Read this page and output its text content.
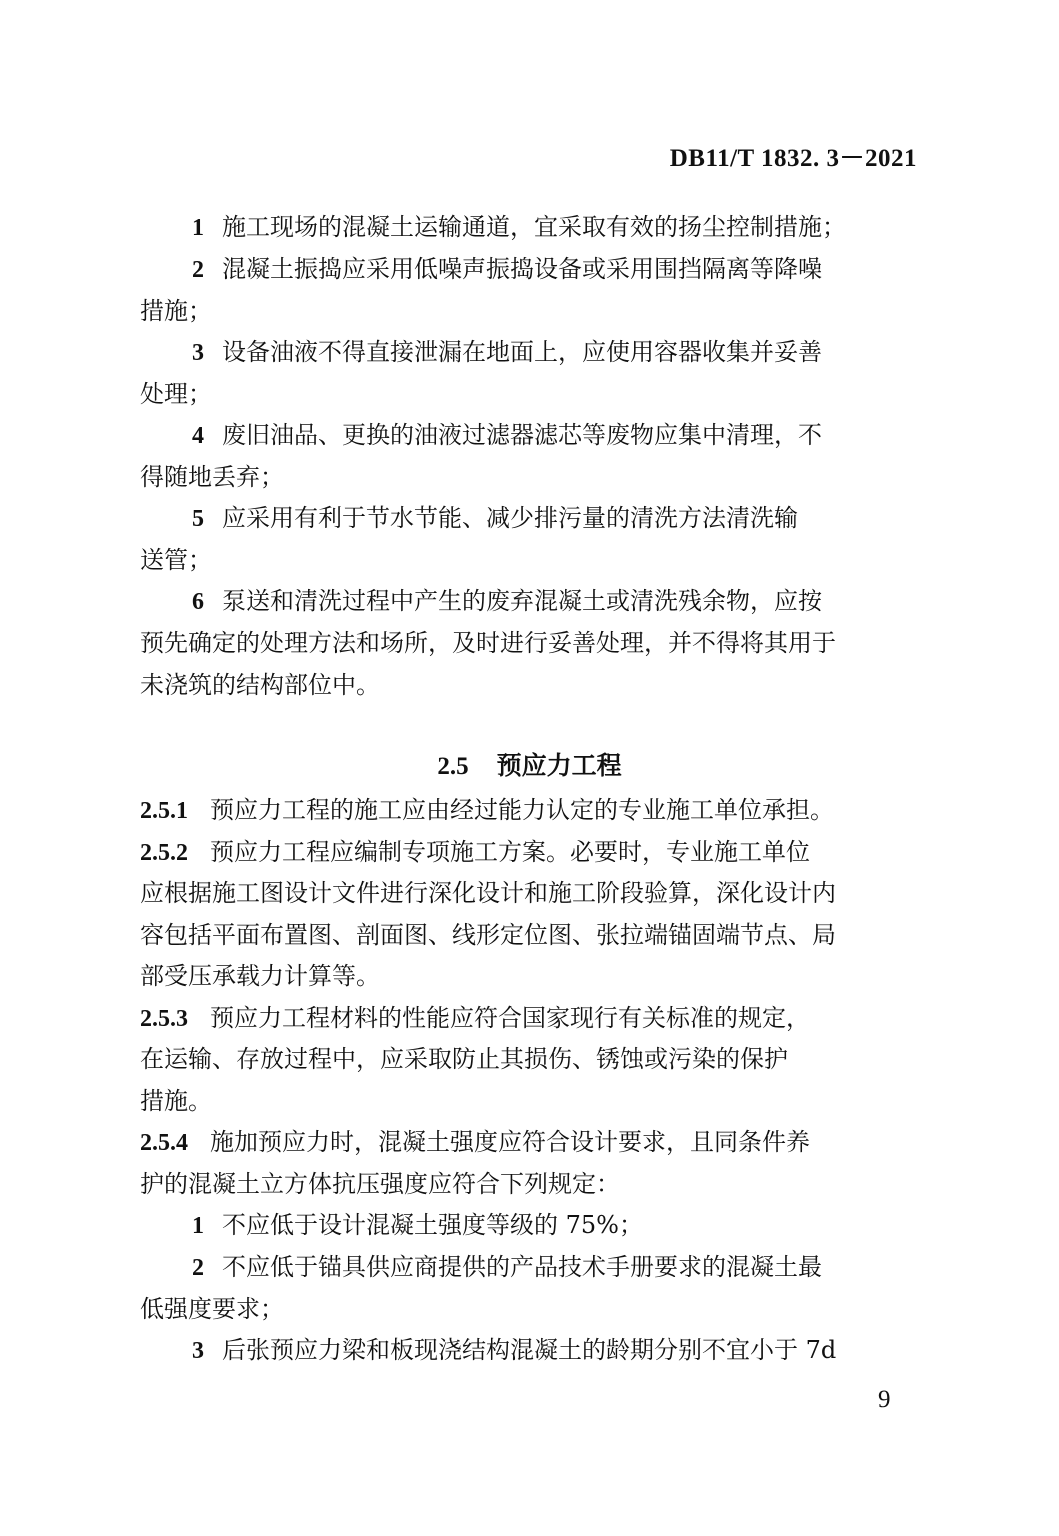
DB11/T 1832. 3－2021

1 施工现场的混凝土运输通道，宜采取有效的扬尘控制措施；

2 混凝土振捣应采用低噪声振捣设备或采用围挡隔离等降噪

措施；

3 设备油液不得直接泄漏在地面上，应使用容器收集并妥善

处理；

4 废旧油品、更换的油液过滤器滤芯等废物应集中清理，不

得随地丢弃；

5 应采用有利于节水节能、减少排污量的清洗方法清洗输

送管；

6 泵送和清洗过程中产生的废弃混凝土或清洗残余物，应按

预先确定的处理方法和场所，及时进行妥善处理，并不得将其用于

未浇筑的结构部位中。

2.5 预应力工程

2.5.1 预应力工程的施工应由经过能力认定的专业施工单位承担。

2.5.2 预应力工程应编制专项施工方案。必要时，专业施工单位

应根据施工图设计文件进行深化设计和施工阶段验算，深化设计内

容包括平面布置图、剖面图、线形定位图、张拉端锚固端节点、局

部受压承载力计算等。

2.5.3 预应力工程材料的性能应符合国家现行有关标准的规定，

在运输、存放过程中，应采取防止其损伤、锈蚀或污染的保护

措施。

2.5.4 施加预应力时，混凝土强度应符合设计要求，且同条件养

护的混凝土立方体抗压强度应符合下列规定：

1 不应低于设计混凝土强度等级的 75%；

2 不应低于锚具供应商提供的产品技术手册要求的混凝土最

低强度要求；

3 后张预应力梁和板现浇结构混凝土的龄期分别不宜小于 7d

9
